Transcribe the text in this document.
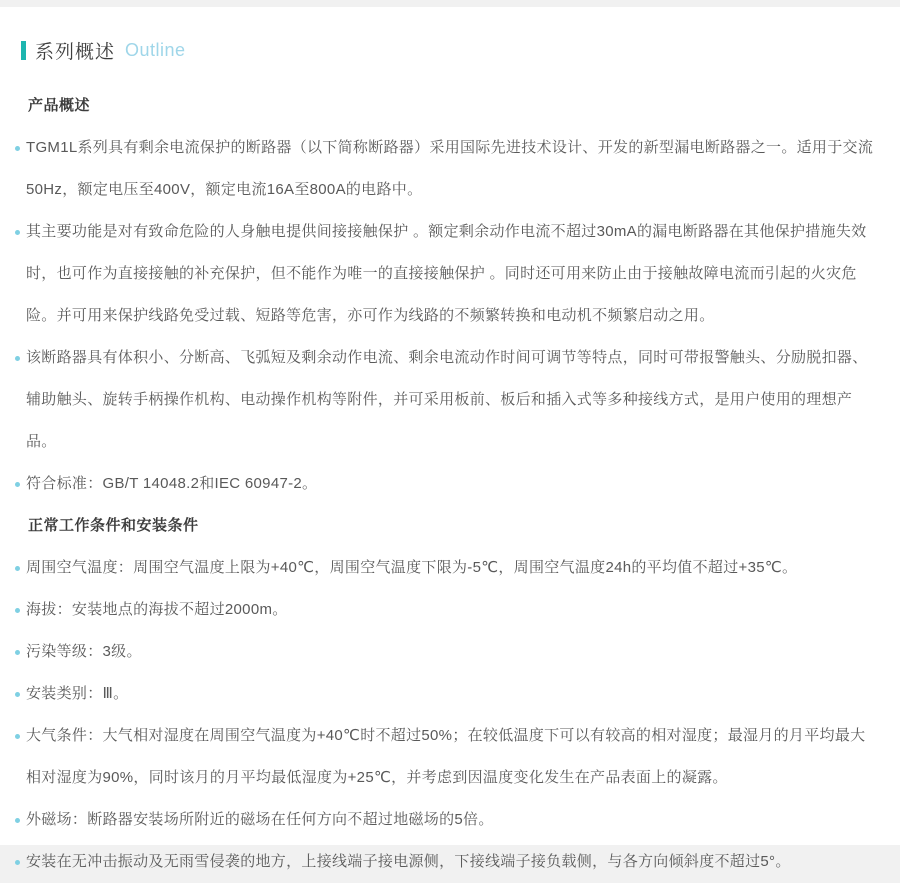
系列概述 Outline
产品概述
TGM1L系列具有剩余电流保护的断路器（以下简称断路器）采用国际先进技术设计、开发的新型漏电断路器之一。适用于交流50Hz，额定电压至400V，额定电流16A至800A的电路中。
其主要功能是对有致命危险的人身触电提供间接接触保护 。额定剩余动作电流不超过30mA的漏电断路器在其他保护措施失效时，也可作为直接接触的补充保护，但不能作为唯一的直接接触保护 。同时还可用来防止由于接触故障电流而引起的火灾危险。并可用来保护线路免受过载、短路等危害，亦可作为线路的不频繁转换和电动机不频繁启动之用。
该断路器具有体积小、分断高、飞弧短及剩余动作电流、剩余电流动作时间可调节等特点，同时可带报警触头、分励脱扣器、辅助触头、旋转手柄操作机构、电动操作机构等附件，并可采用板前、板后和插入式等多种接线方式，是用户使用的理想产品。
符合标准：GB/T 14048.2和IEC 60947-2。
正常工作条件和安装条件
周围空气温度：周围空气温度上限为+40℃，周围空气温度下限为-5℃，周围空气温度24h的平均值不超过+35℃。
海拔：安装地点的海拔不超过2000m。
污染等级：3级。
安装类别：Ⅲ。
大气条件：大气相对湿度在周围空气温度为+40℃时不超过50%；在较低温度下可以有较高的相对湿度；最湿月的月平均最大相对湿度为90%，同时该月的月平均最低湿度为+25℃，并考虑到因温度变化发生在产品表面上的凝露。
外磁场：断路器安装场所附近的磁场在任何方向不超过地磁场的5倍。
安装在无冲击振动及无雨雪侵袭的地方，上接线端子接电源侧，下接线端子接负载侧，与各方向倾斜度不超过5°。
